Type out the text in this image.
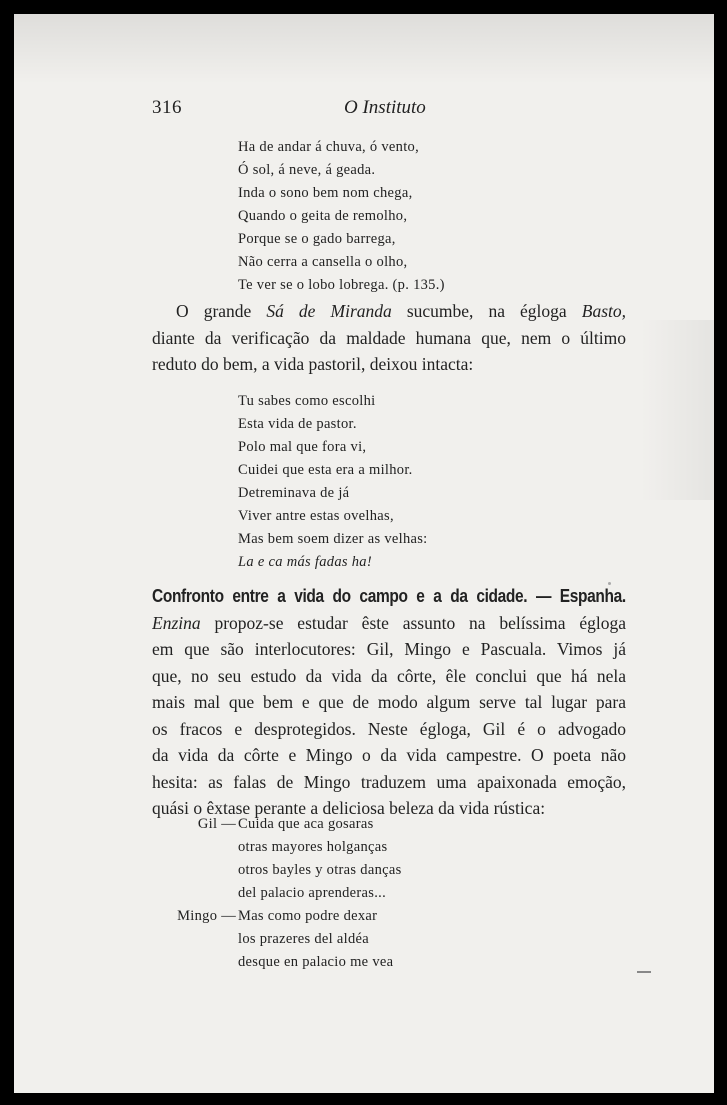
316	O Instituto
Ha de andar á chuva, ó vento,
Ó sol, á neve, á geada.
Inda o sono bem nom chega,
Quando o geita de remolho,
Porque se o gado barrega,
Não cerra a cansella o olho,
Te ver se o lobo lobrega. (p. 135.)
O grande Sá de Miranda sucumbe, na égloga Basto,
diante da verificação da maldade humana que, nem o último
reduto do bem, a vida pastoril, deixou intacta:
Tu sabes como escolhi
Esta vida de pastor.
Polo mal que fora vi,
Cuidei que esta era a milhor.
Detreminava de já
Viver antre estas ovelhas,
Mas bem soem dizer as velhas:
La e ca más fadas ha!
Confronto entre a vida do campo e a da cidade. — Espanha.
Enzina propoz-se estudar êste assunto na belíssima égloga
em que são interlocutores: Gil, Mingo e Pascuala. Vimos já
que, no seu estudo da vida da côrte, êle conclui que há nela
mais mal que bem e que de modo algum serve tal lugar para
os fracos e desprotegidos. Neste égloga, Gil é o advogado
da vida da côrte e Mingo o da vida campestre. O poeta não
hesita: as falas de Mingo traduzem uma apaixonada emoção,
quási o êxtase perante a deliciosa beleza da vida rústica:
Gil — Cuida que aca gosaras
otras mayores holganças
otros bayles y otras danças
del palacio aprenderas...
Mingo — Mas como podre dexar
los prazeres del aldéa
desque en palacio me vea
